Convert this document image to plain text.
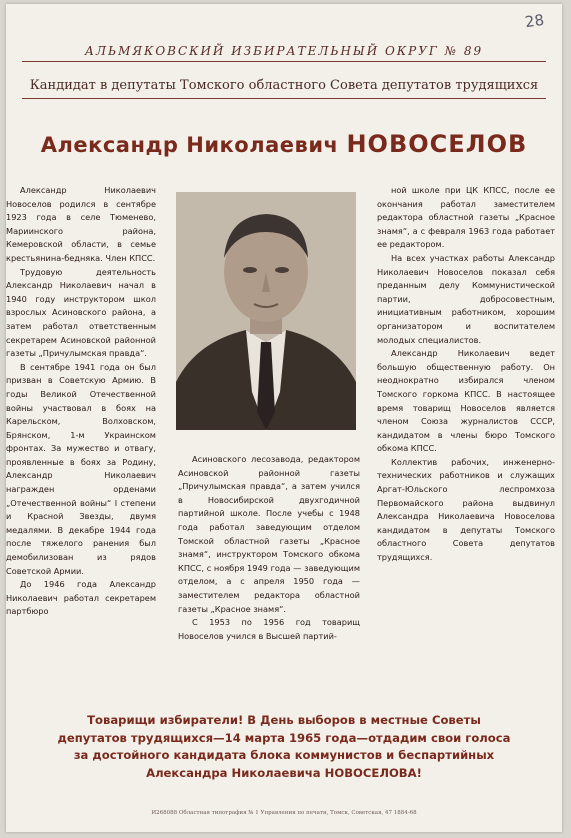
28
АЛЬМЯКОВСКИЙ ИЗБИРАТЕЛЬНЫЙ ОКРУГ № 89
Кандидат в депутаты Томского областного Совета депутатов трудящихся
Александр Николаевич НОВОСЕЛОВ

Александр Николаевич Новоселов родился в сентябре 1923 года в селе Тюменево, Мариинского района, Кемеровской области, в семье крестьянина-бедняка. Член КПСС.

Трудовую деятельность Александр Николаевич начал в 1940 году инструктором школ взрослых Асиновского района, а затем работал ответственным секретарем Асиновской районной газеты „Причулымская правда“.

В сентябре 1941 года он был призван в Советскую Армию. В годы Великой Отечественной войны участвовал в боях на Карельском, Волховском, Брянском, 1-м Украинском фронтах. За мужество и отвагу, проявленные в боях за Родину, Александр Николаевич награжден орденами „Отечественной войны“ I степени и Красной Звезды, двумя медалями. В декабре 1944 года после тяжелого ранения был демобилизован из рядов Советской Армии.

До 1946 года Александр Николаевич работал секретарем партбюро

Асиновского лесозавода, редактором Асиновской районной газеты „Причулымская правда“, а затем учился в Новосибирской двухгодичной партийной школе. После учебы с 1948 года работал заведующим отделом Томской областной газеты „Красное знамя“, инструктором Томского обкома КПСС, с ноября 1949 года — заведующим отделом, а с апреля 1950 года — заместителем редактора областной газеты „Красное знамя“.

С 1953 по 1956 год товарищ Новоселов учился в Высшей партий-

ной школе при ЦК КПСС, после ее окончания работал заместителем редактора областной газеты „Красное знамя“, а с февраля 1963 года работает ее редактором.

На всех участках работы Александр Николаевич Новоселов показал себя преданным делу Коммунистической партии, добросовестным, инициативным работником, хорошим организатором и воспитателем молодых специалистов.

Александр Николаевич ведет большую общественную работу. Он неоднократно избирался членом Томского горкома КПСС. В настоящее время товарищ Новоселов является членом Союза журналистов СССР, кандидатом в члены бюро Томского обкома КПСС.

Коллектив рабочих, инженерно-технических работников и служащих Аргат-Юльского леспромхоза Первомайского района выдвинул Александра Николаевича Новоселова кандидатом в депутаты Томского областного Совета депутатов трудящихся.

Товарищи избиратели! В День выборов в местные Советы
депутатов трудящихся—14 марта 1965 года—отдадим свои голоса
за достойного кандидата блока коммунистов и беспартийных
Александра Николаевича НОВОСЕЛОВА!
И268088 Областная типография № 1 Управления по печати, Томск, Советская, 47 1884-68
